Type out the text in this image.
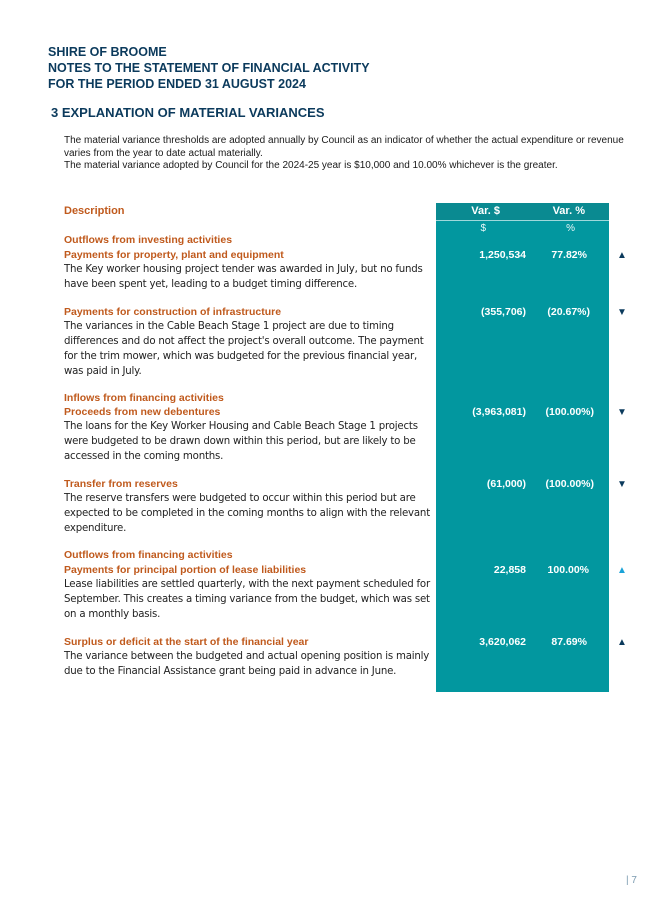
SHIRE OF BROOME
NOTES TO THE STATEMENT OF FINANCIAL ACTIVITY
FOR THE PERIOD ENDED 31 AUGUST 2024
3 EXPLANATION OF MATERIAL VARIANCES
The material variance thresholds are adopted annually by Council as an indicator of whether the actual expenditure or revenue varies from the year to date actual materially.
The material variance adopted by Council for the 2024-25 year is $10,000 and 10.00% whichever is the greater.
Description	Var. $	Var. %
$	%
Outflows from investing activities
Payments for property, plant and equipment
The Key worker housing project tender was awarded in July, but no funds have been spent yet, leading to a budget timing difference.
1,250,534	77.82%	▲
Payments for construction of infrastructure
The variances in the Cable Beach Stage 1 project are due to timing differences and do not affect the project's overall outcome. The payment for the trim mower, which was budgeted for the previous financial year, was paid in July.
(355,706)	(20.67%)	▼
Inflows from financing activities
Proceeds from new debentures
The loans for the Key Worker Housing and Cable Beach Stage 1 projects were budgeted to be drawn down within this period, but are likely to be accessed in the coming months.
(3,963,081)	(100.00%) ▼
Transfer from reserves
The reserve transfers were budgeted to occur within this period but are expected to be completed in the coming months to align with the relevant expenditure.
(61,000)	(100.00%) ▼
Outflows from financing activities
Payments for principal portion of lease liabilities
Lease liabilities are settled quarterly, with the next payment scheduled for September. This creates a timing variance from the budget, which was set on a monthly basis.
22,858	100.00%	▲
Surplus or deficit at the start of the financial year
The variance between the budgeted and actual opening position is mainly due to the Financial Assistance grant being paid in advance in June.
3,620,062	87.69%	▲
| 7
